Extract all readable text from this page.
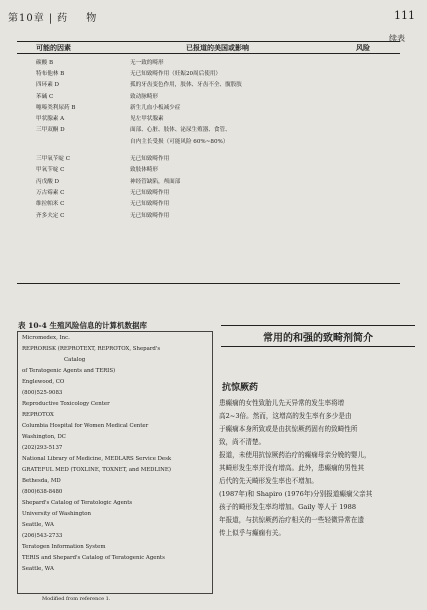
第10章 | 药 物	111
续表
可能的因素	已报道的美国或影响	风险
碳酸 B	无一致的畸形
特布他林 B	无已知致畸作用（妊娠20周后使用）
四环素 D	孤的牙齿变色作用，肢体、牙齿不全、髋股肢
苯碱 C	致动脉畸形
噻嗪类利尿药 B	新生儿血小板减少症
甲状腺素 A	见左甲状腺素
三甲双酮 D	面部、心脏、肢体、泌尿生殖器、食管、
自内主长受损（可能风险 60%~80%）
三甲氧苄啶 C	无已知致畸作用
甲氧苄啶 C	致肢体畸形
丙戊酸 D	神经管缺陷，颅面部
万古霉素 C	无已知致畸作用
维拉帕米 C	无已知致畸作用
齐多夫定 C	无已知致畸作用
表 10-4 生殖风险信息的计算机数据库
Micromedex, Inc.
REPRORISK (REPROTEXT, REPROTOX, Shepard's
Catalog
of Teratogenic Agents and TERIS)
Englewood, CO
(800)525-9083
Reproductive Toxicology Center
REPROTOX
Columbia Hospital for Women Medical Center
Washington, DC
(202)293-5137
National Library of Medicine, MEDLARS Service Desk
GRATEFUL MED (TOXLINE, TOXNET, and MEDLINE)
Bethesda, MD
(800)638-8480
Shepard's Catalog of Teratologic Agents
University of Washington
Seattle, WA
(206)543-2733
Teratogen Information System
TERIS and Shepard's Catalog of Teratogenic Agents
Seattle, WA
Modified from reference 1.
常用的和强的致畸剂简介
抗惊厥药
患癫痫的女性致胎儿先天异常的发生率将增
高2~3倍。然而，这增高的发生率有多少是由
于癫痫本身所致或是由抗惊厥药固有的致畸性所
致，尚不清楚。
报道，未使用抗惊厥药治疗的癫痫母亲分娩的婴儿，
其畸形发生率并没有增高。此外，患癫痫的男性其
后代的先天畸形发生率也不增加。
(1987年)和 Shapiro (1976年)分别报道癫痫父亲其
孩子的畸形发生率均增加。Gaily 等人于 1988
年报道，与抗惊厥药治疗相关的一些轻微异常在遗
传上似乎与癫痫有关。
